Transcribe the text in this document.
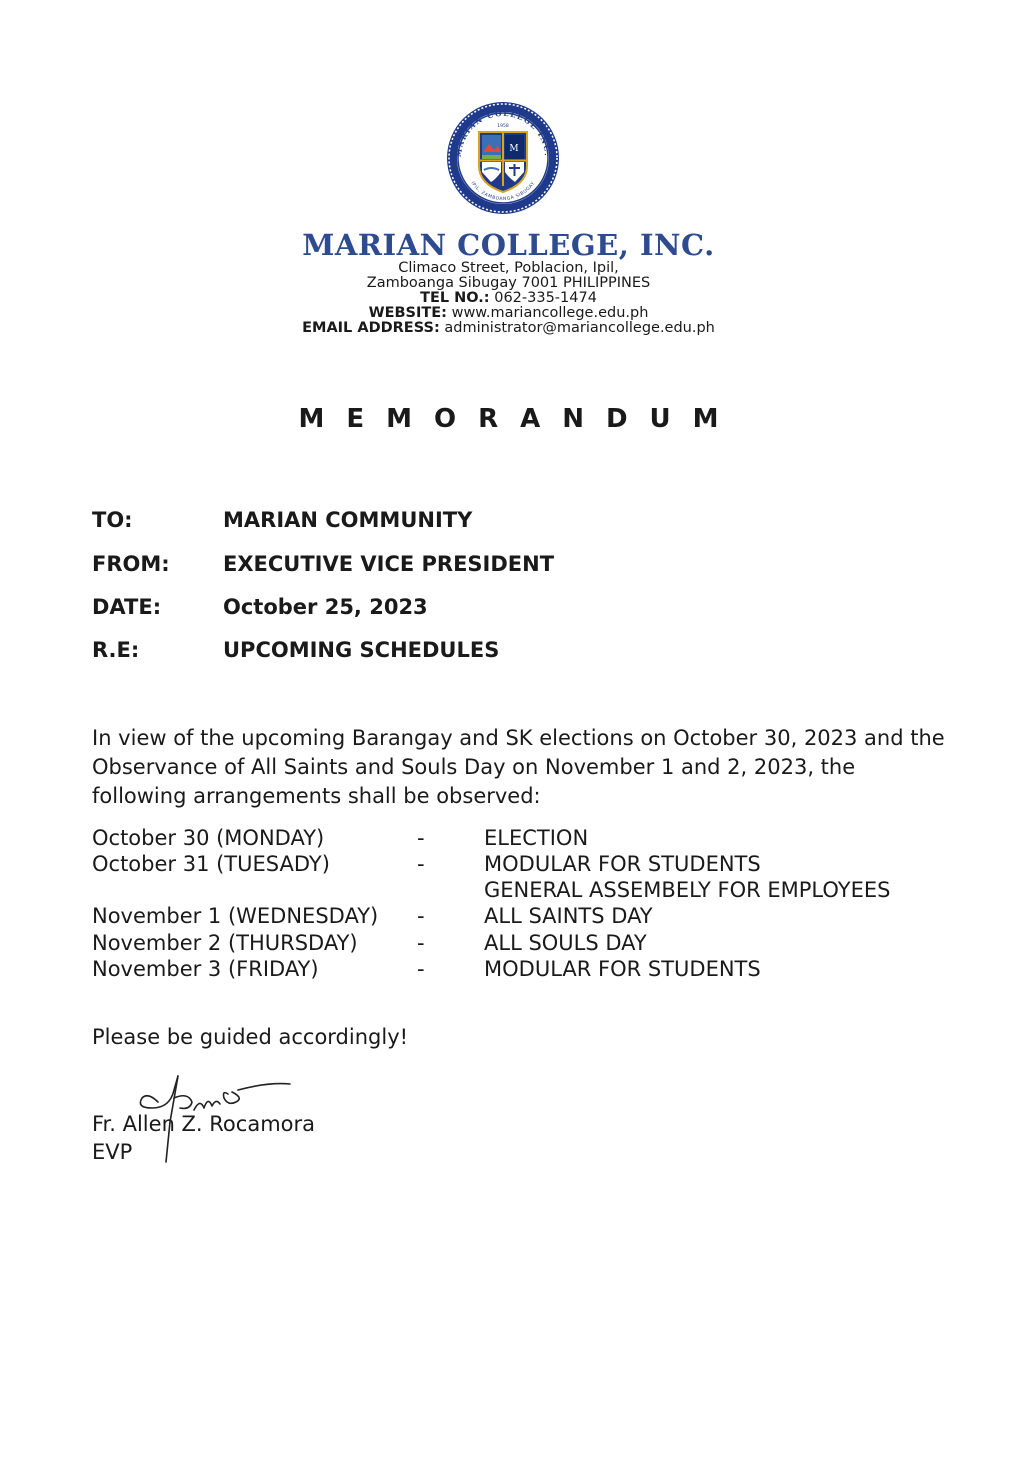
MARIAN COLLEGE INC.
IPIL, ZAMBOANGA SIBUGAY
1958
M
MARIAN COLLEGE, INC.
Climaco Street, Poblacion, Ipil,
Zamboanga Sibugay 7001 PHILIPPINES
TEL NO.: 062-335-1474
WEBSITE: www.mariancollege.edu.ph
EMAIL ADDRESS: administrator@mariancollege.edu.ph
MEMORANDUM
TO:	MARIAN COMMUNITY
FROM:	EXECUTIVE VICE PRESIDENT
DATE:	October 25, 2023
R.E:	UPCOMING SCHEDULES

In view of the upcoming Barangay and SK elections on October 30, 2023 and the Observance of All Saints and Souls Day on November 1 and 2, 2023, the following arrangements shall be observed:

October 30 (MONDAY)	-	ELECTION
October 31 (TUESADY)	-	MODULAR FOR STUDENTS
GENERAL ASSEMBELY FOR EMPLOYEES
November 1 (WEDNESDAY) -	ALL SAINTS DAY
November 2 (THURSDAY)	-	ALL SOULS DAY
November 3 (FRIDAY)	-	MODULAR FOR STUDENTS
Please be guided accordingly!
Fr. Allen Z. Rocamora
EVP
